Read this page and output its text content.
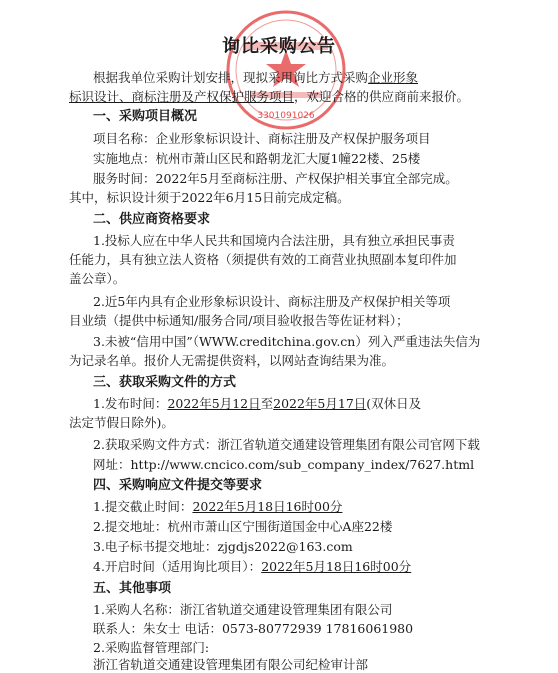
3301091026
询比采购公告
根据我单位采购计划安排，现拟采用询比方式采购企业形象
标识设计、商标注册及产权保护服务项目，欢迎合格的供应商前来报价。
一、采购项目概况
项目名称：企业形象标识设计、商标注册及产权保护服务项目
实施地点：杭州市萧山区民和路朝龙汇大厦1幢22楼、25楼
服务时间：2022年5月至商标注册、产权保护相关事宜全部完成。
其中，标识设计须于2022年6月15日前完成定稿。
二、供应商资格要求
1.投标人应在中华人民共和国境内合法注册，具有独立承担民事责
任能力，具有独立法人资格（须提供有效的工商营业执照副本复印件加
盖公章）。
2.近5年内具有企业形象标识设计、商标注册及产权保护相关等项
目业绩（提供中标通知/服务合同/项目验收报告等佐证材料）；
3.未被“信用中国”（WWW.creditchina.gov.cn）列入严重违法失信为
为记录名单。报价人无需提供资料，以网站查询结果为准。
三、获取采购文件的方式
1.发布时间：2022年5月12日至2022年5月17日(双休日及
法定节假日除外)。
2.获取采购文件方式：浙江省轨道交通建设管理集团有限公司官网下载
网址：http://www.cncico.com/sub_company_index/7627.html
四、采购响应文件提交等要求
1.提交截止时间：2022年5月18日16时00分
2.提交地址：杭州市萧山区宁围街道国金中心A座22楼
3.电子标书提交地址：zjgdjs2022@163.com
4.开启时间（适用询比项目）：2022年5月18日16时00分
五、其他事项
1.采购人名称：浙江省轨道交通建设管理集团有限公司
联系人：朱女士 电话：0573-80772939 17816061980
2.采购监督管理部门:
浙江省轨道交通建设管理集团有限公司纪检审计部
